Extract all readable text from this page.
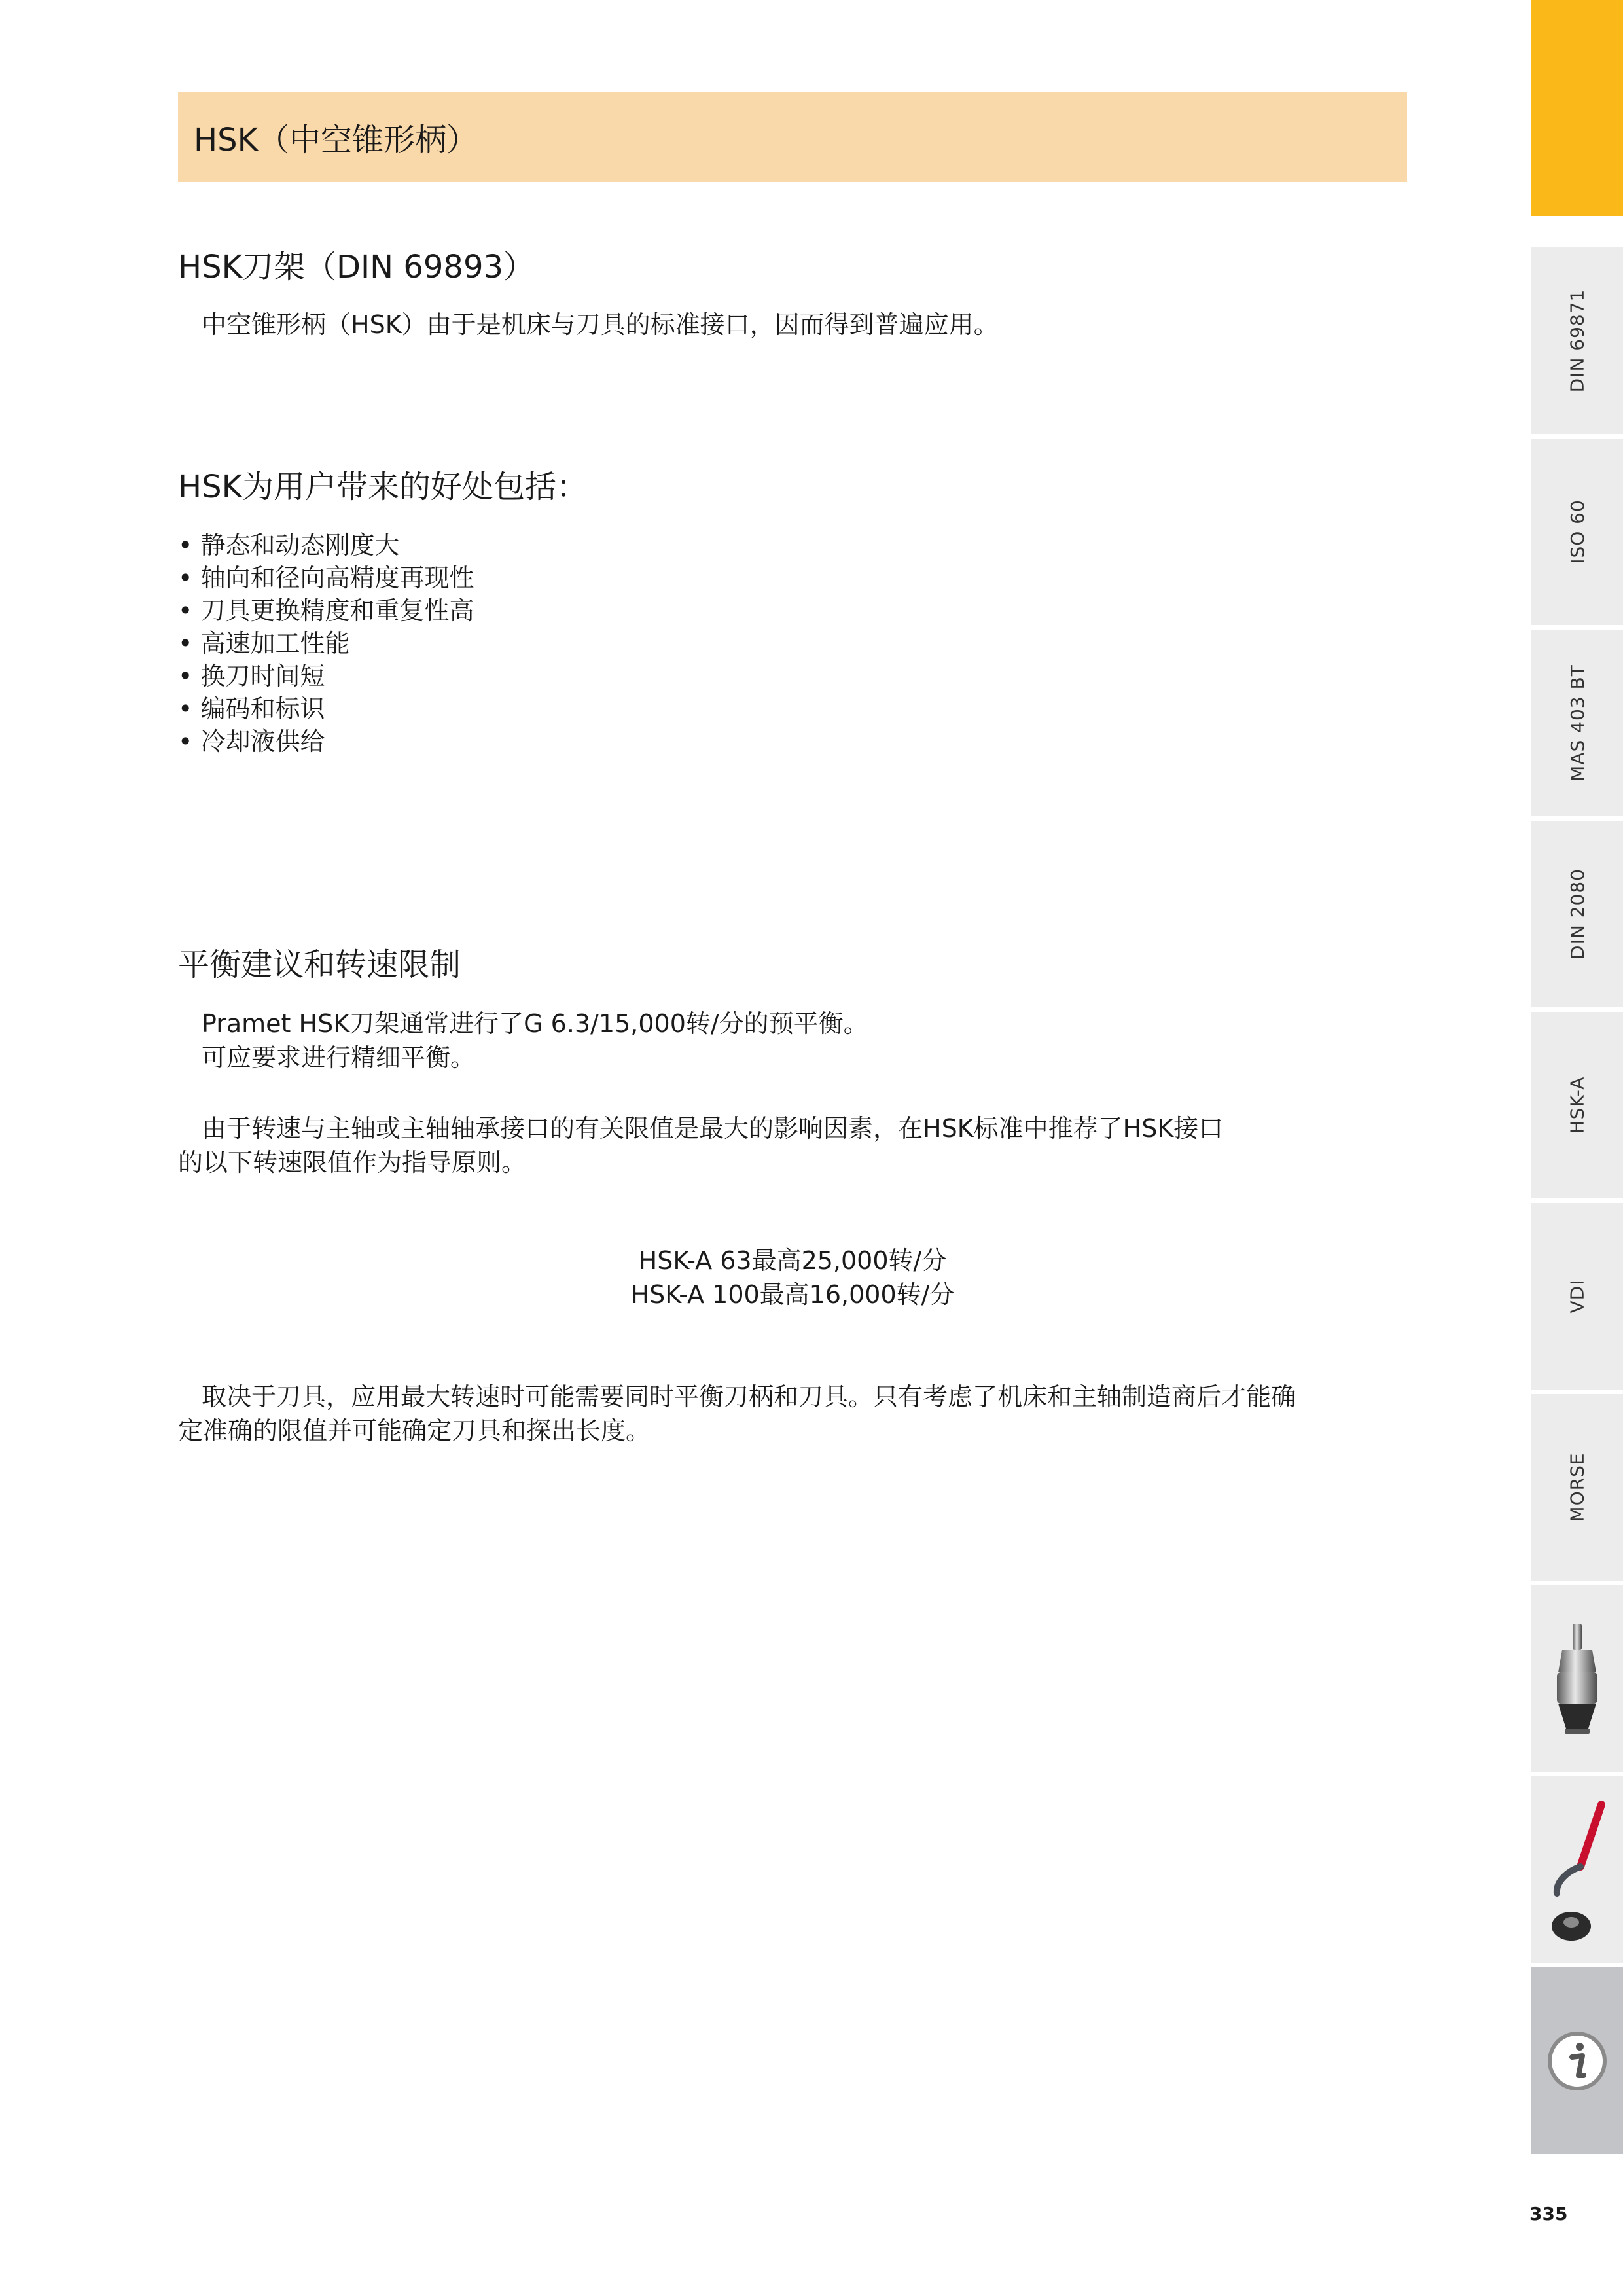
HSK（中空锥形柄）
HSK刀架（DIN 69893）
中空锥形柄（HSK）由于是机床与刀具的标准接口，因而得到普遍应用。
HSK为用户带来的好处包括：
• 静态和动态刚度大
• 轴向和径向高精度再现性
• 刀具更换精度和重复性高
• 高速加工性能
• 换刀时间短
• 编码和标识
• 冷却液供给
平衡建议和转速限制
Pramet HSK刀架通常进行了G 6.3/15,000转/分的预平衡。
可应要求进行精细平衡。
由于转速与主轴或主轴轴承接口的有关限值是最大的影响因素，在HSK标准中推荐了HSK接口
的以下转速限值作为指导原则。
HSK-A 63最高25,000转/分
HSK-A 100最高16,000转/分
取决于刀具，应用最大转速时可能需要同时平衡刀柄和刀具。只有考虑了机床和主轴制造商后才能确
定准确的限值并可能确定刀具和探出长度。
DIN 69871
ISO 60
MAS 403 BT
DIN 2080
HSK-A
VDI
MORSE
335
